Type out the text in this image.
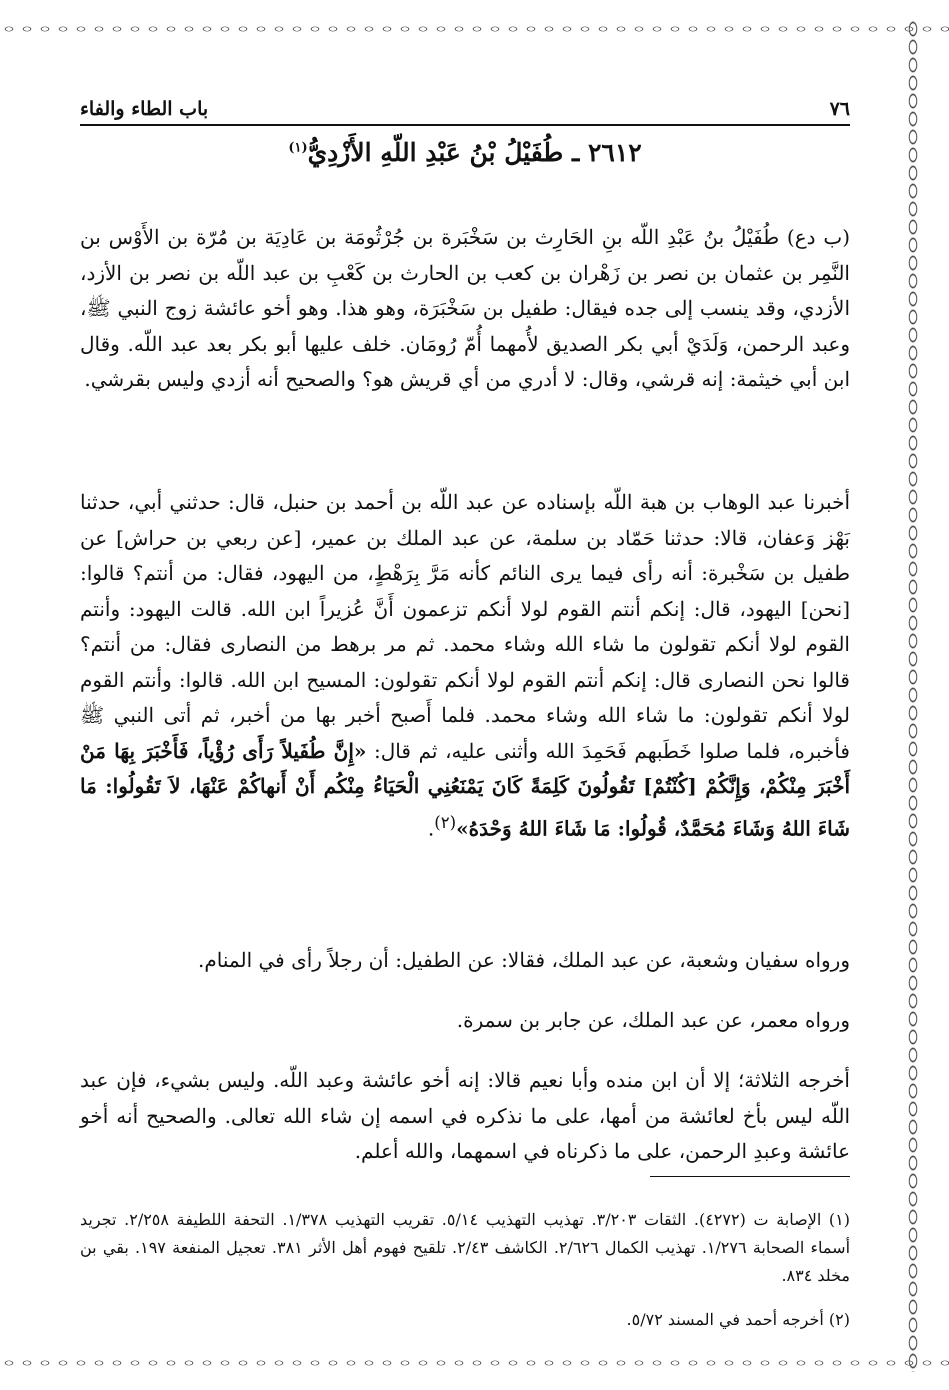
٧٦
باب الطاء والفاء
٢٦١٢ ـ طُفَيْلُ بْنُ عَبْدِ اللّهِ الأَزْدِيُّ$^{(١)}$

(ب دع) طُفَيْلُ بنُ عَبْدِ اللّه بنِ الحَارِث بن سَخْبَرة بن جُرْثُومَة بن عَادِيَة بن مُرّة بن الأَوْس بن النَّمِر بن عثمان بن نصر بن زَهْران بن كعب بن الحارث بن كَعْبِ بن عبد اللّه بن نصر بن الأزد، الأزدي، وقد ينسب إلى جده فيقال: طفيل بن سَخْبَرَة، وهو هذا. وهو أخو عائشة زوج النبي ﷺ، وعبد الرحمن، وَلَدَيْ أبي بكر الصديق لأُمهما أُمّ رُومَان. خلف عليها أبو بكر بعد عبد اللّه. وقال ابن أبي خيثمة: إنه قرشي، وقال: لا أدري من أي قريش هو؟ والصحيح أنه أزدي وليس بقرشي.

أخبرنا عبد الوهاب بن هبة اللّه بإسناده عن عبد اللّه بن أحمد بن حنبل، قال: حدثني أبي، حدثنا بَهْز وَعفان، قالا: حدثنا حَمّاد بن سلمة، عن عبد الملك بن عمير، [عن ربعي بن حراش] عن طفيل بن سَخْبرة: أنه رأى فيما يرى النائم كأنه مَرَّ بِرَهْطٍ، من اليهود، فقال: من أنتم؟ قالوا: [نحن] اليهود، قال: إنكم أنتم القوم لولا أنكم تزعمون أَنَّ عُزيراً ابن الله. قالت اليهود: وأنتم القوم لولا أنكم تقولون ما شاء الله وشاء محمد. ثم مر برهط من النصارى فقال: من أنتم؟ قالوا نحن النصارى قال: إنكم أنتم القوم لولا أنكم تقولون: المسيح ابن الله. قالوا: وأنتم القوم لولا أنكم تقولون: ما شاء الله وشاء محمد. فلما أَصبح أخبر بها من أخبر، ثم أتى النبي ﷺ فأخبره، فلما صلوا خَطَبهم فَحَمِدَ الله وأثنى عليه، ثم قال: «إِنَّ طُفَيلاً رَأَى رُؤْياً، فَأَخْبَرَ بِهَا مَنْ أَخْبَرَ مِنْكُمْ، وَإِنَّكُمْ [كُنْتُمْ] تَقُولُونَ كَلِمَةً كَانَ يَمْنَعُنِي الْحَيَاءُ مِنْكُم أَنْ أَنهاكُمْ عَنْهَا، لاَ تَقُولُوا: مَا شَاءَ اللهُ وَشَاءَ مُحَمَّدٌ، قُولُوا: مَا شَاءَ اللهُ وَحْدَهُ»$^{(٢)}$.

ورواه سفيان وشعبة، عن عبد الملك، فقالا: عن الطفيل: أن رجلاً رأى في المنام.

ورواه معمر، عن عبد الملك، عن جابر بن سمرة.

أخرجه الثلاثة؛ إلا أن ابن منده وأبا نعيم قالا: إنه أخو عائشة وعبد اللّه. وليس بشيء، فإن عبد اللّه ليس بأخ لعائشة من أمها، على ما نذكره في اسمه إن شاء الله تعالى. والصحيح أنه أخو عائشة وعبدِ الرحمن، على ما ذكرناه في اسمهما، والله أعلم.

(١) الإصابة ت (٤٢٧٢). الثقات ٣/٢٠٣. تهذيب التهذيب ٥/١٤. تقريب التهذيب ١/٣٧٨. التحفة اللطيفة ٢/٢٥٨. تجريد أسماء الصحابة ١/٢٧٦. تهذيب الكمال ٢/٦٢٦. الكاشف ٢/٤٣. تلقيح فهوم أهل الأثر ٣٨١. تعجيل المنفعة ١٩٧. بقي بن مخلد ٨٣٤.

(٢) أخرجه أحمد في المسند ٥/٧٢.
